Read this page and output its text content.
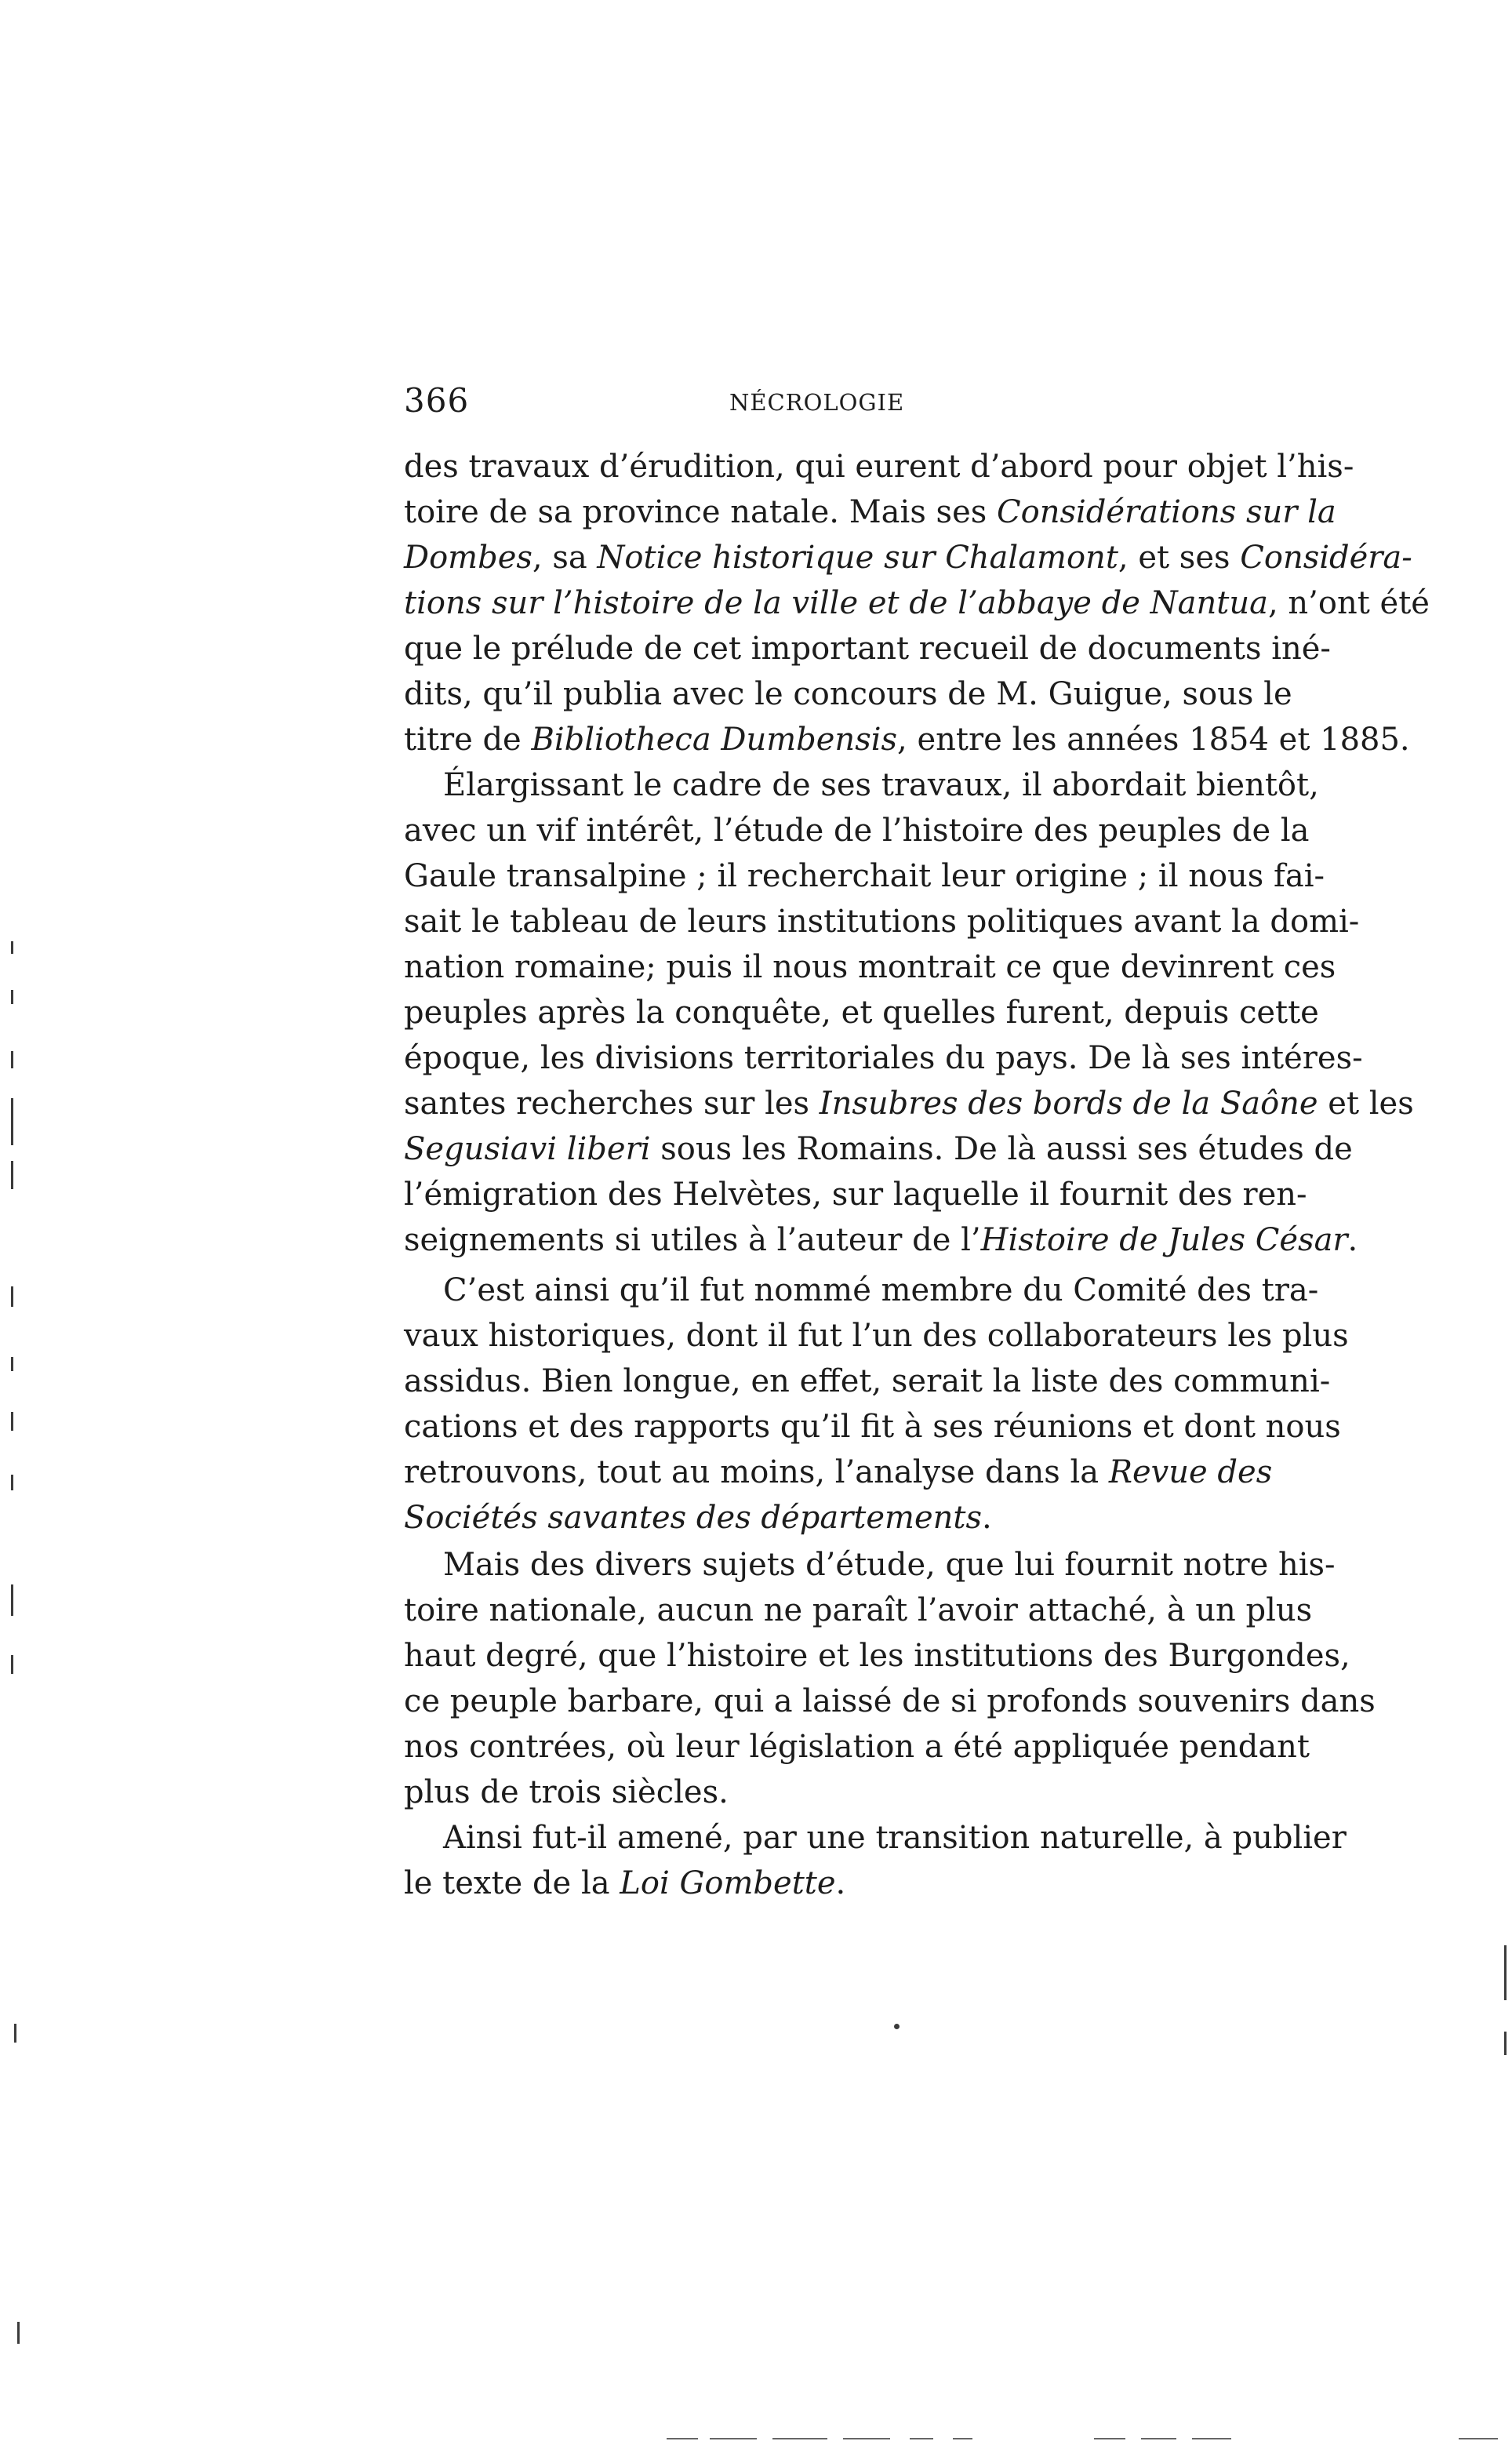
366	NÉCROLOGIE
des travaux d’érudition, qui eurent d’abord pour objet l’his-
toire de sa province natale. Mais ses Considérations sur la
Dombes, sa Notice historique sur Chalamont, et ses Considéra-
tions sur l’histoire de la ville et de l’abbaye de Nantua, n’ont été
que le prélude de cet important recueil de documents iné-
dits, qu’il publia avec le concours de M. Guigue, sous le
titre de Bibliotheca Dumbensis, entre les années 1854 et 1885.
Élargissant le cadre de ses travaux, il abordait bientôt,
avec un vif intérêt, l’étude de l’histoire des peuples de la
Gaule transalpine ; il recherchait leur origine ; il nous fai-
sait le tableau de leurs institutions politiques avant la domi-
nation romaine; puis il nous montrait ce que devinrent ces
peuples après la conquête, et quelles furent, depuis cette
époque, les divisions territoriales du pays. De là ses intéres-
santes recherches sur les Insubres des bords de la Saône et les
Segusiavi liberi sous les Romains. De là aussi ses études de
l’émigration des Helvètes, sur laquelle il fournit des ren-
seignements si utiles à l’auteur de l’Histoire de Jules César.
C’est ainsi qu’il fut nommé membre du Comité des tra-
vaux historiques, dont il fut l’un des collaborateurs les plus
assidus. Bien longue, en effet, serait la liste des communi-
cations et des rapports qu’il fit à ses réunions et dont nous
retrouvons, tout au moins, l’analyse dans la Revue des
Sociétés savantes des départements.
Mais des divers sujets d’étude, que lui fournit notre his-
toire nationale, aucun ne paraît l’avoir attaché, à un plus
haut degré, que l’histoire et les institutions des Burgondes,
ce peuple barbare, qui a laissé de si profonds souvenirs dans
nos contrées, où leur législation a été appliquée pendant
plus de trois siècles.
Ainsi fut-il amené, par une transition naturelle, à publier
le texte de la Loi Gombette.
